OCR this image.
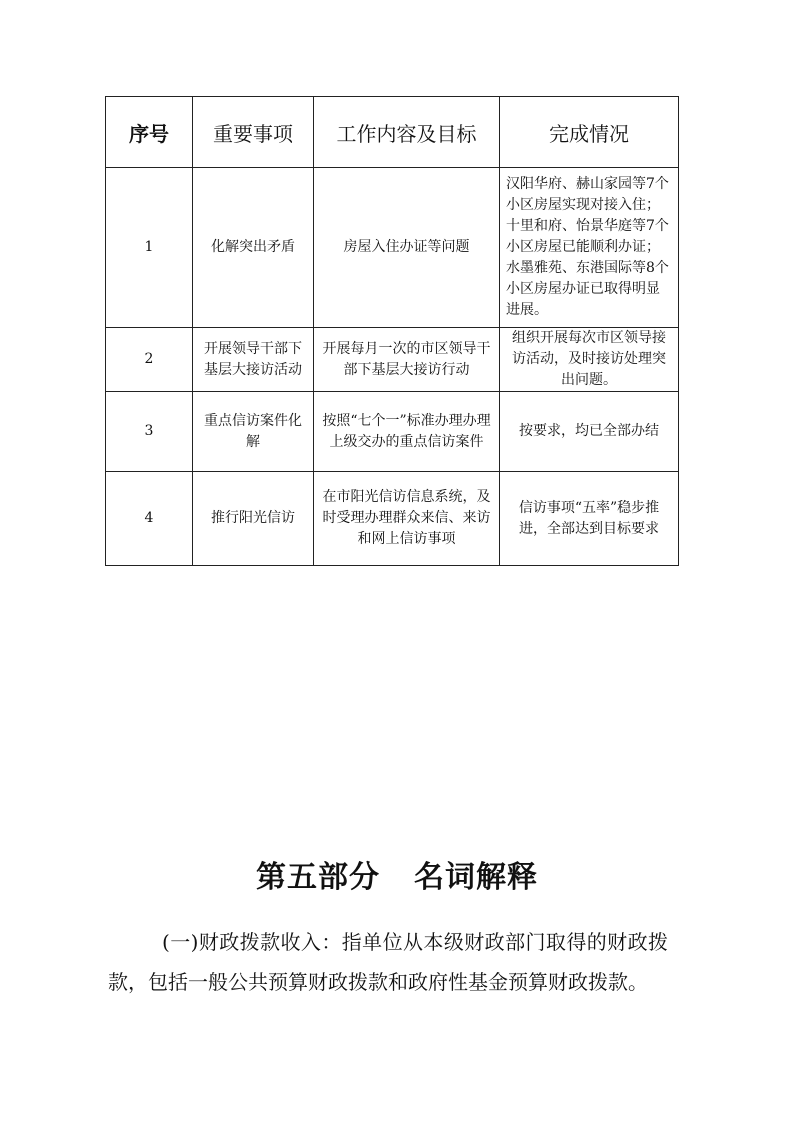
序号	重要事项	工作内容及目标	完成情况
1	化解突出矛盾	房屋入住办证等问题	汉阳华府、赫山家园等7个小区房屋实现对接入住；十里和府、怡景华庭等7个小区房屋已能顺利办证；水墨雅苑、东港国际等8个小区房屋办证已取得明显进展。
2	开展领导干部下基层大接访活动	开展每月一次的市区领导干部下基层大接访行动	组织开展每次市区领导接访活动，及时接访处理突出问题。
3	重点信访案件化解	按照“七个一”标准办理办理上级交办的重点信访案件	按要求，均已全部办结
4	推行阳光信访	在市阳光信访信息系统，及时受理办理群众来信、来访和网上信访事项	信访事项“五率”稳步推进，全部达到目标要求
第五部分 名词解释

(一)财政拨款收入：指单位从本级财政部门取得的财政拨款，包括一般公共预算财政拨款和政府性基金预算财政拨款。
